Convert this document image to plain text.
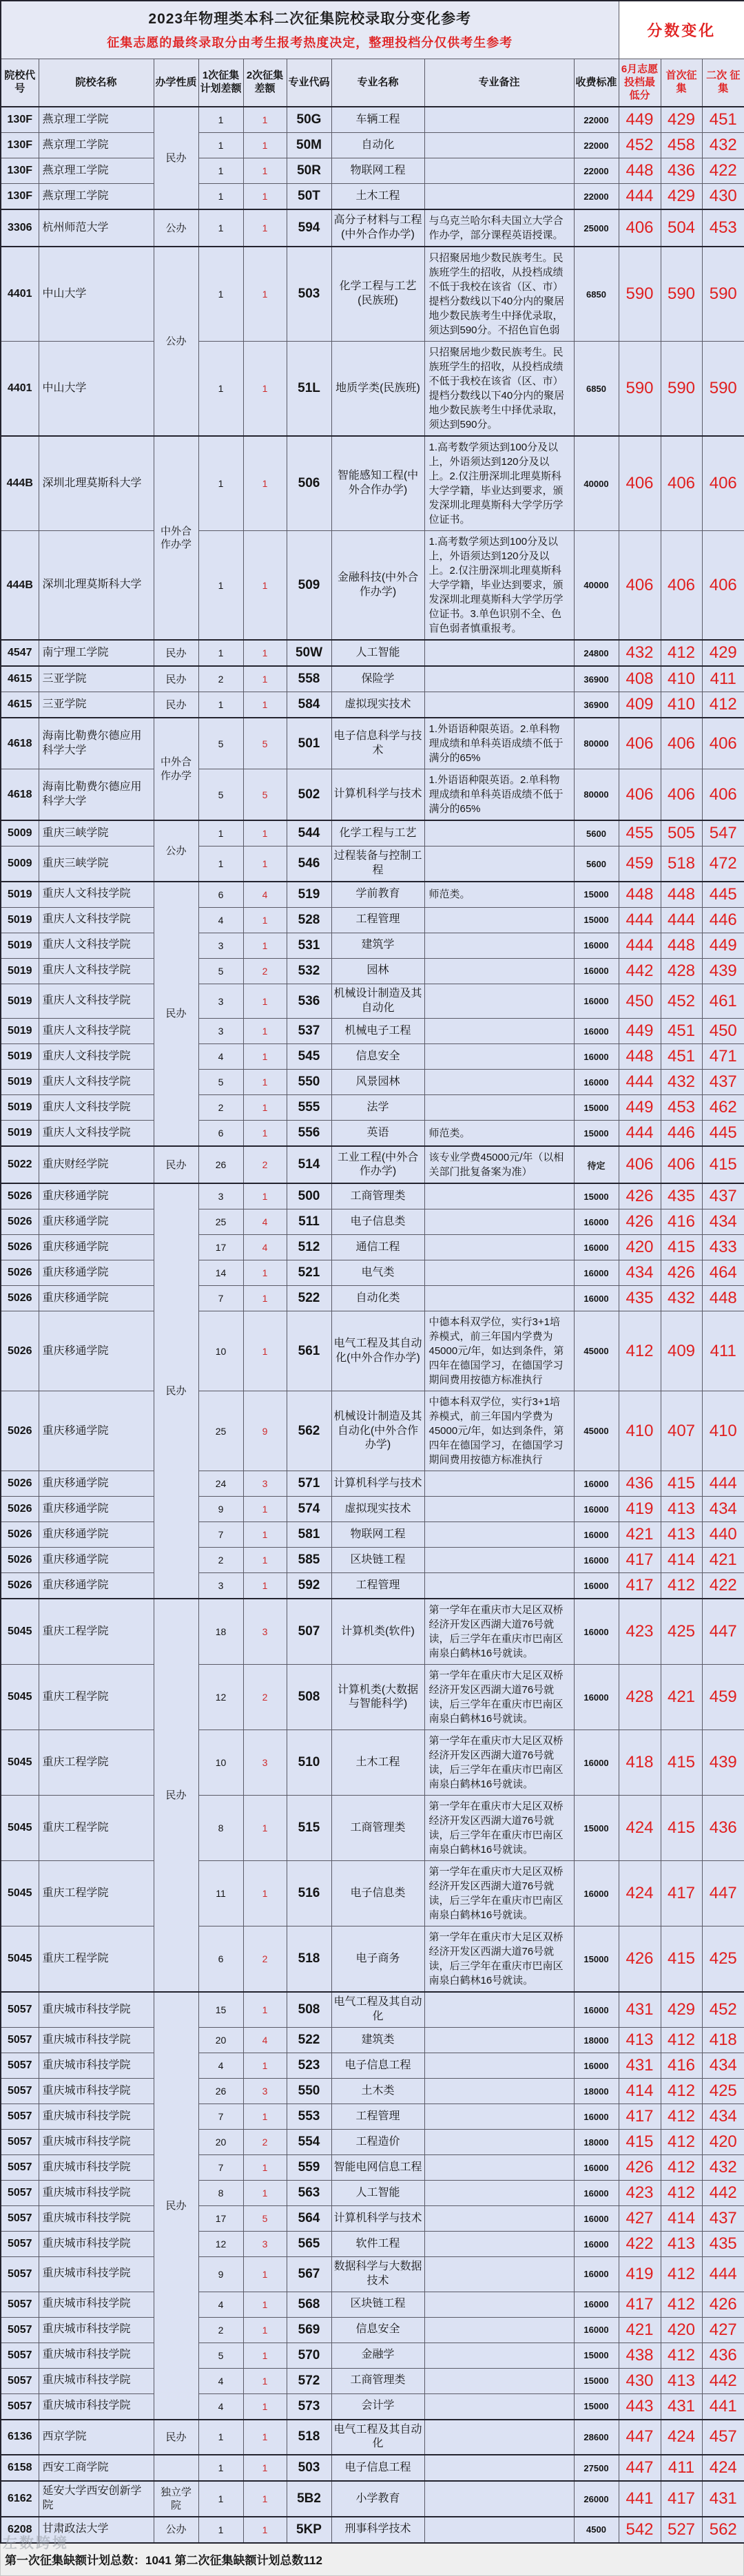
2023年物理类本科二次征集院校录取分变化参考
征集志愿的最终录取分由考生报考热度决定，整理投档分仅供考生参考									分数变化		
院校代号	院校名称	办学性质	1次征集计划差额	2次征集差额	专业代码	专业名称	专业备注	收费标准	6月志愿投档最低分	首次征集	二次 征集
130F	燕京理工学院	民办	1	1	50G	车辆工程		22000	449	429	451
130F	燕京理工学院		1	1	50M	自动化		22000	452	458	432
130F	燕京理工学院		1	1	50R	物联网工程		22000	448	436	422
130F	燕京理工学院		1	1	50T	土木工程		22000	444	429	430
3306	杭州师范大学	公办	1	1	594	高分子材料与工程(中外合作办学)	与乌克兰哈尔科夫国立大学合作办学，部分课程英语授课。	25000	406	504	453
4401	中山大学	公办	1	1	503	化学工程与工艺(民族班)	只招聚居地少数民族考生。民族班学生的招收，从投档成绩不低于我校在该省（区、市）提档分数线以下40分内的聚居地少数民族考生中择优录取，须达到590分。不招色盲色弱	6850	590	590	590
4401	中山大学		1	1	51L	地质学类(民族班)	只招聚居地少数民族考生。民族班学生的招收，从投档成绩不低于我校在该省（区、市）提档分数线以下40分内的聚居地少数民族考生中择优录取，须达到590分。	6850	590	590	590
444B	深圳北理莫斯科大学	中外合作办学	1	1	506	智能感知工程(中外合作办学)	1.高考数学须达到100分及以上，外语须达到120分及以上。2.仅注册深圳北理莫斯科大学学籍，毕业达到要求，颁发深圳北理莫斯科大学学历学位证书。	40000	406	406	406
444B	深圳北理莫斯科大学		1	1	509	金融科技(中外合作办学)	1.高考数学须达到100分及以上，外语须达到120分及以上。2.仅注册深圳北理莫斯科大学学籍，毕业达到要求，颁发深圳北理莫斯科大学学历学位证书。3.单色识别不全、色盲色弱者慎重报考。	40000	406	406	406
4547	南宁理工学院	民办	1	1	50W	人工智能		24800	432	412	429
4615	三亚学院	民办	2	1	558	保险学		36900	408	410	411
4615	三亚学院	民办	1	1	584	虚拟现实技术		36900	409	410	412
4618	海南比勒费尔德应用科学大学	中外合作办学	5	5	501	电子信息科学与技术	1.外语语种限英语。2.单科物理成绩和单科英语成绩不低于满分的65%	80000	406	406	406
4618	海南比勒费尔德应用科学大学		5	5	502	计算机科学与技术	1.外语语种限英语。2.单科物理成绩和单科英语成绩不低于满分的65%	80000	406	406	406
5009	重庆三峡学院	公办	1	1	544	化学工程与工艺		5600	455	505	547
5009	重庆三峡学院		1	1	546	过程装备与控制工程		5600	459	518	472
5019	重庆人文科技学院	民办	6	4	519	学前教育	师范类。	15000	448	448	445
5019	重庆人文科技学院		4	1	528	工程管理		15000	444	444	446
5019	重庆人文科技学院		3	1	531	建筑学		16000	444	448	449
5019	重庆人文科技学院		5	2	532	园林		16000	442	428	439
5019	重庆人文科技学院		3	1	536	机械设计制造及其自动化		16000	450	452	461
5019	重庆人文科技学院		3	1	537	机械电子工程		16000	449	451	450
5019	重庆人文科技学院		4	1	545	信息安全		16000	448	451	471
5019	重庆人文科技学院		5	1	550	风景园林		16000	444	432	437
5019	重庆人文科技学院		2	1	555	法学		15000	449	453	462
5019	重庆人文科技学院		6	1	556	英语	师范类。	15000	444	446	445
5022	重庆财经学院	民办	26	2	514	工业工程(中外合作办学)	该专业学费45000元/年（以相关部门批复备案为准）	待定	406	406	415
5026	重庆移通学院	民办	3	1	500	工商管理类		15000	426	435	437
5026	重庆移通学院		25	4	511	电子信息类		16000	426	416	434
5026	重庆移通学院		17	4	512	通信工程		16000	420	415	433
5026	重庆移通学院		14	1	521	电气类		16000	434	426	464
5026	重庆移通学院		7	1	522	自动化类		16000	435	432	448
5026	重庆移通学院		10	1	561	电气工程及其自动化(中外合作办学)	中德本科双学位，实行3+1培养模式，前三年国内学费为45000元/年，如达到条件，第四年在德国学习，在德国学习期间费用按德方标准执行	45000	412	409	411
5026	重庆移通学院		25	9	562	机械设计制造及其自动化(中外合作办学)	中德本科双学位，实行3+1培养模式，前三年国内学费为45000元/年，如达到条件，第四年在德国学习，在德国学习期间费用按德方标准执行	45000	410	407	410
5026	重庆移通学院		24	3	571	计算机科学与技术		16000	436	415	444
5026	重庆移通学院		9	1	574	虚拟现实技术		16000	419	413	434
5026	重庆移通学院		7	1	581	物联网工程		16000	421	413	440
5026	重庆移通学院		2	1	585	区块链工程		16000	417	414	421
5026	重庆移通学院		3	1	592	工程管理		16000	417	412	422
5045	重庆工程学院	民办	18	3	507	计算机类(软件)	第一学年在重庆市大足区双桥经济开发区西湖大道76号就读，后三学年在重庆市巴南区南泉白鹤林16号就读。	16000	423	425	447
5045	重庆工程学院		12	2	508	计算机类(大数据与智能科学)	第一学年在重庆市大足区双桥经济开发区西湖大道76号就读，后三学年在重庆市巴南区南泉白鹤林16号就读。	16000	428	421	459
5045	重庆工程学院		10	3	510	土木工程	第一学年在重庆市大足区双桥经济开发区西湖大道76号就读，后三学年在重庆市巴南区南泉白鹤林16号就读。	16000	418	415	439
5045	重庆工程学院		8	1	515	工商管理类	第一学年在重庆市大足区双桥经济开发区西湖大道76号就读，后三学年在重庆市巴南区南泉白鹤林16号就读。	15000	424	415	436
5045	重庆工程学院		11	1	516	电子信息类	第一学年在重庆市大足区双桥经济开发区西湖大道76号就读，后三学年在重庆市巴南区南泉白鹤林16号就读。	16000	424	417	447
5045	重庆工程学院		6	2	518	电子商务	第一学年在重庆市大足区双桥经济开发区西湖大道76号就读，后三学年在重庆市巴南区南泉白鹤林16号就读。	15000	426	415	425
5057	重庆城市科技学院	民办	15	1	508	电气工程及其自动化		16000	431	429	452
5057	重庆城市科技学院		20	4	522	建筑类		18000	413	412	418
5057	重庆城市科技学院		4	1	523	电子信息工程		16000	431	416	434
5057	重庆城市科技学院		26	3	550	土木类		18000	414	412	425
5057	重庆城市科技学院		7	1	553	工程管理		16000	417	412	434
5057	重庆城市科技学院		20	2	554	工程造价		18000	415	412	420
5057	重庆城市科技学院		7	1	559	智能电网信息工程		16000	426	412	432
5057	重庆城市科技学院		8	1	563	人工智能		16000	423	412	442
5057	重庆城市科技学院		17	5	564	计算机科学与技术		16000	427	414	437
5057	重庆城市科技学院		12	3	565	软件工程		16000	422	413	435
5057	重庆城市科技学院		9	1	567	数据科学与大数据技术		16000	419	412	444
5057	重庆城市科技学院		4	1	568	区块链工程		16000	417	412	426
5057	重庆城市科技学院		2	1	569	信息安全		16000	421	420	427
5057	重庆城市科技学院		5	1	570	金融学		15000	438	412	436
5057	重庆城市科技学院		4	1	572	工商管理类		15000	430	413	442
5057	重庆城市科技学院		4	1	573	会计学		15000	443	431	441
6136	西京学院	民办	1	1	518	电气工程及其自动化		28600	447	424	457
6158	西安工商学院		1	1	503	电子信息工程		27500	447	411	424
6162	延安大学西安创新学院	独立学院	1	1	5B2	小学教育		26000	441	417	431
6208	甘肃政法大学	公办	1	1	5KP	刑事科学技术		4500	542	527	562
第一次征集缺额计划总数：1041 第二次征集缺额计划总数112
左数跨境
